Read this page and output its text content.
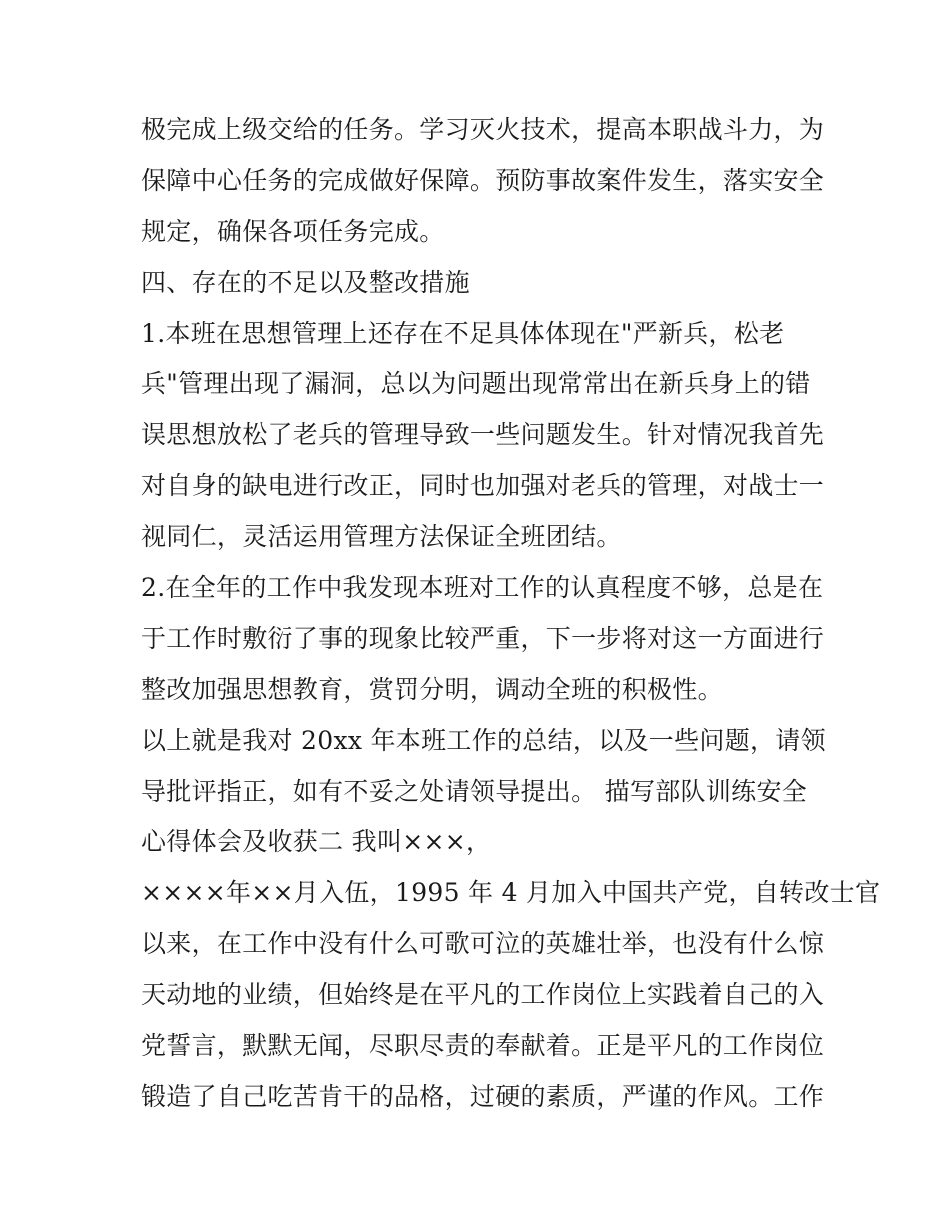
极完成上级交给的任务。学习灭火技术，提高本职战斗力，为
保障中心任务的完成做好保障。预防事故案件发生，落实安全
规定，确保各项任务完成。
四、存在的不足以及整改措施
1.本班在思想管理上还存在不足具体体现在"严新兵，松老
兵"管理出现了漏洞，总以为问题出现常常出在新兵身上的错
误思想放松了老兵的管理导致一些问题发生。针对情况我首先
对自身的缺电进行改正，同时也加强对老兵的管理，对战士一
视同仁，灵活运用管理方法保证全班团结。
2.在全年的工作中我发现本班对工作的认真程度不够，总是在
于工作时敷衍了事的现象比较严重，下一步将对这一方面进行
整改加强思想教育，赏罚分明，调动全班的积极性。
以上就是我对 20xx 年本班工作的总结，以及一些问题，请领
导批评指正，如有不妥之处请领导提出。 描写部队训练安全
心得体会及收获二 我叫×××，
××××年××月入伍，1995 年 4 月加入中国共产党，自转改士官
以来，在工作中没有什么可歌可泣的英雄壮举，也没有什么惊
天动地的业绩，但始终是在平凡的工作岗位上实践着自己的入
党誓言，默默无闻，尽职尽责的奉献着。正是平凡的工作岗位
锻造了自己吃苦肯干的品格，过硬的素质，严谨的作风。工作
